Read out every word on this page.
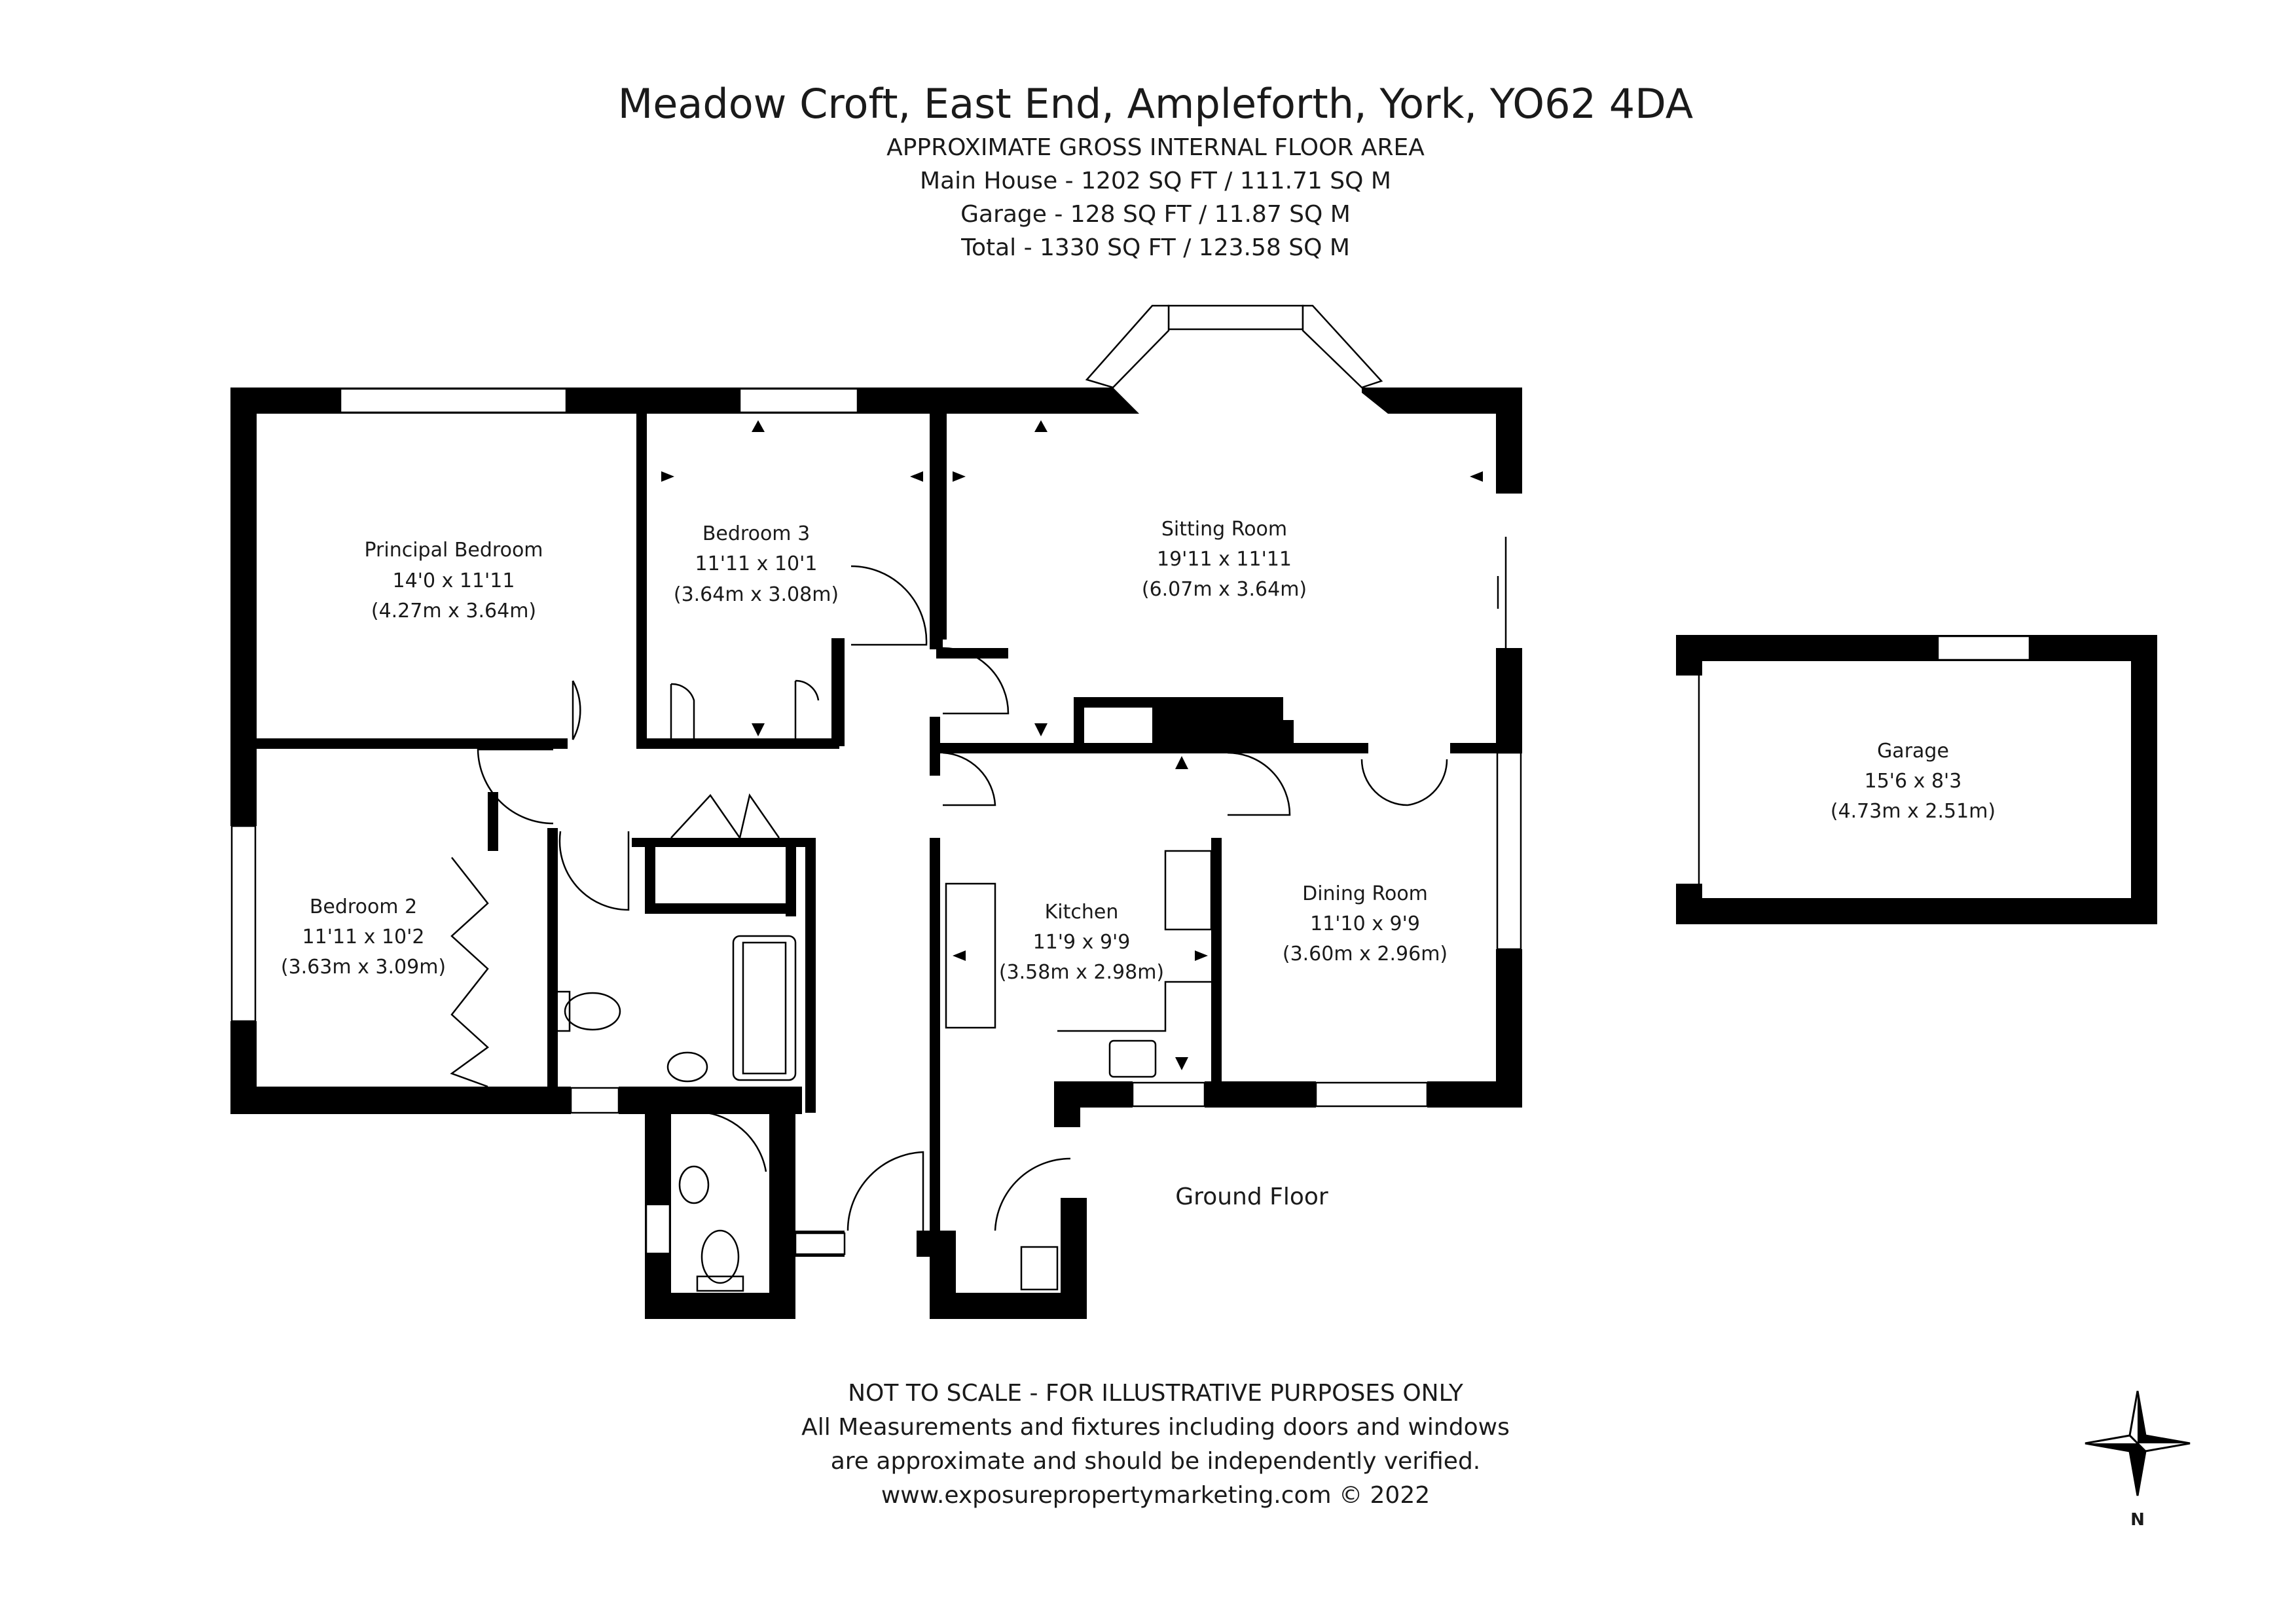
Meadow Croft, East End, Ampleforth, York, YO62 4DA
APPROXIMATE GROSS INTERNAL FLOOR AREA
Main House - 1202 SQ FT / 111.71 SQ M
Garage - 128 SQ FT / 11.87 SQ M
Total - 1330 SQ FT / 123.58 SQ M
Principal Bedroom
14'0 x 11'11
(4.27m x 3.64m)
Bedroom 3
11'11 x 10'1
(3.64m x 3.08m)
Sitting Room
19'11 x 11'11
(6.07m x 3.64m)
Bedroom 2
11'11 x 10'2
(3.63m x 3.09m)
Kitchen
11'9 x 9'9
(3.58m x 2.98m)
Dining Room
11'10 x 9'9
(3.60m x 2.96m)
Garage
15'6 x 8'3
(4.73m x 2.51m)
Ground Floor
NOT TO SCALE - FOR ILLUSTRATIVE PURPOSES ONLY
All Measurements and fixtures including doors and windows
are approximate and should be independently verified.
www.exposurepropertymarketing.com © 2022
N
